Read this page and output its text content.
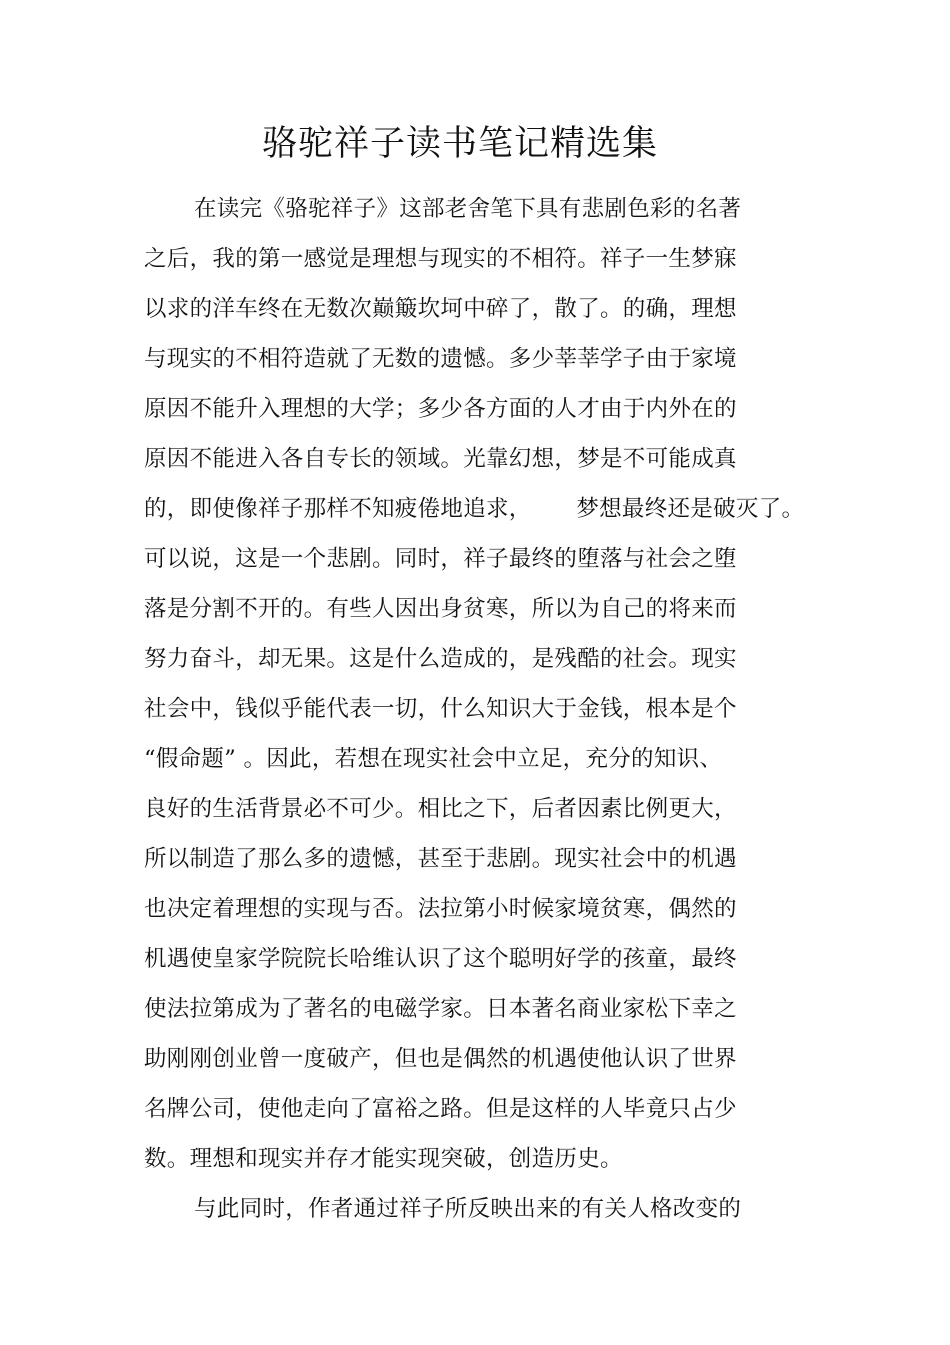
骆驼祥子读书笔记精选集
在读完《骆驼祥子》这部老舍笔下具有悲剧色彩的名著
之后，我的第一感觉是理想与现实的不相符。祥子一生梦寐
以求的洋车终在无数次巅簸坎坷中碎了，散了。的确，理想
与现实的不相符造就了无数的遗憾。多少莘莘学子由于家境
原因不能升入理想的大学；多少各方面的人才由于内外在的
原因不能进入各自专长的领域。光靠幻想，梦是不可能成真
的，即使像祥子那样不知疲倦地追求，      梦想最终还是破灭了。
可以说，这是一个悲剧。同时，祥子最终的堕落与社会之堕
落是分割不开的。有些人因出身贫寒，所以为自己的将来而
努力奋斗，却无果。这是什么造成的，是残酷的社会。现实
社会中，钱似乎能代表一切，什么知识大于金钱，根本是个
“假命题” 。因此，若想在现实社会中立足，充分的知识、
良好的生活背景必不可少。相比之下，后者因素比例更大，
所以制造了那么多的遗憾，甚至于悲剧。现实社会中的机遇
也决定着理想的实现与否。法拉第小时候家境贫寒，偶然的
机遇使皇家学院院长哈维认识了这个聪明好学的孩童，最终
使法拉第成为了著名的电磁学家。日本著名商业家松下幸之
助刚刚创业曾一度破产，但也是偶然的机遇使他认识了世界
名牌公司，使他走向了富裕之路。但是这样的人毕竟只占少
数。理想和现实并存才能实现突破，创造历史。
与此同时，作者通过祥子所反映出来的有关人格改变的
